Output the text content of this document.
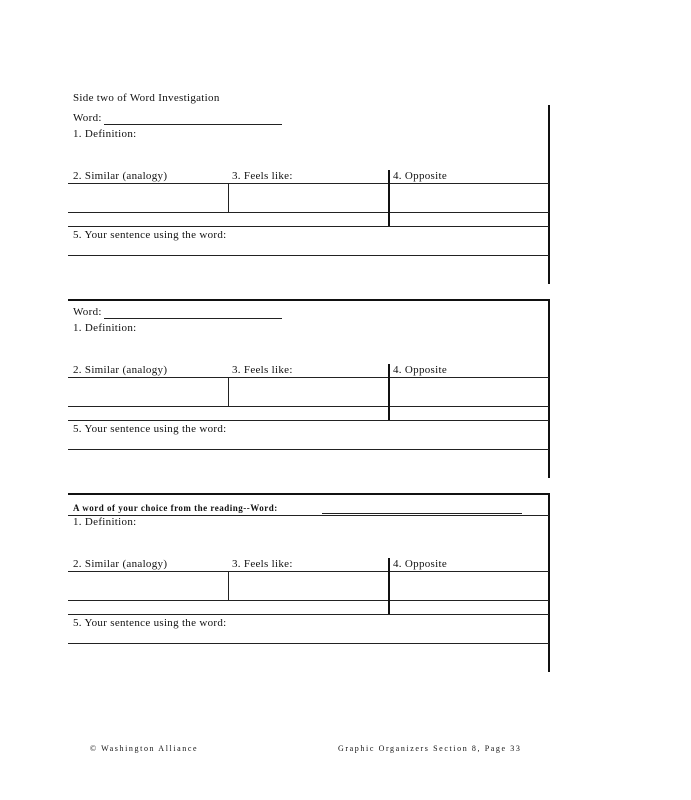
Side two of Word Investigation
Word:
1. Definition:
2. Similar (analogy)	3. Feels like:	4. Opposite
5. Your sentence using the word:
Word:
1. Definition:
2. Similar (analogy)	3. Feels like:	4. Opposite
5. Your sentence using the word:
A word of your choice from the reading--Word:
1. Definition:
2. Similar (analogy)	3. Feels like:	4. Opposite
5. Your sentence using the word:
© Washington Alliance	Graphic Organizers Section 8, Page 33
